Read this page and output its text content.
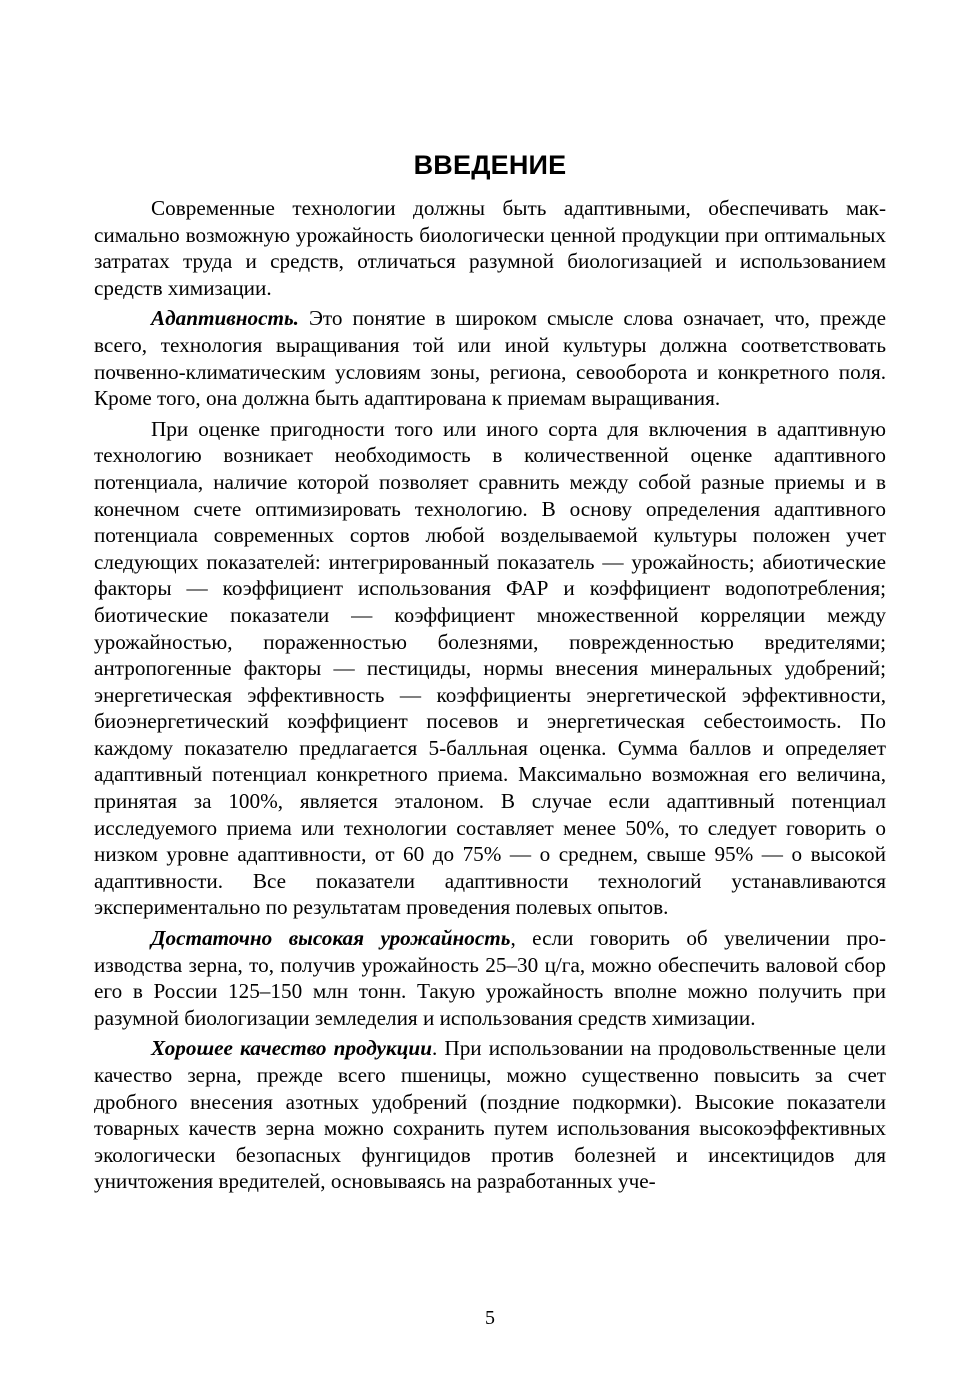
ВВЕДЕНИЕ

Современные технологии должны быть адаптивными, обеспечивать максимально возможную урожайность биологически ценной продукции при оптимальных затратах труда и средств, отличаться разумной биологизацией и использованием средств химизации.

Адаптивность. Это понятие в широком смысле слова означает, что, прежде всего, технология выращивания той или иной культуры должна соответствовать почвенно-климатическим условиям зоны, региона, севооборота и конкретного поля. Кроме того, она должна быть адаптирована к приемам выращивания.

При оценке пригодности того или иного сорта для включения в адаптивную технологию возникает необходимость в количественной оценке адаптивного потенциала, наличие которой позволяет сравнить между собой разные приемы и в конечном счете оптимизировать технологию. В основу определения адаптивного потенциала современных сортов любой возделываемой культуры положен учет следующих показателей: интегрированный показатель — урожайность; абиотические факторы — коэффициент использования ФАР и коэффициент водопотребления; биотические показатели — коэффициент множественной корреляции между урожайностью, пораженностью болезнями, поврежденностью вредителями; антропогенные факторы — пестициды, нормы внесения минеральных удобрений; энергетическая эффективность — коэффициенты энергетической эффективности, биоэнергетический коэффициент посевов и энергетическая себестоимость. По каждому показателю предлагается 5-балльная оценка. Сумма баллов и определяет адаптивный потенциал конкретного приема. Максимально возможная его величина, принятая за 100%, является эталоном. В случае если адаптивный потенциал исследуемого приема или технологии составляет менее 50%, то следует говорить о низком уровне адаптивности, от 60 до 75% — о среднем, свыше 95% — о высокой адаптивности. Все показатели адаптивности технологий устанавливаются экспериментально по результатам проведения полевых опытов.

Достаточно высокая урожайность, если говорить об увеличении производства зерна, то, получив урожайность 25–30 ц/га, можно обеспечить валовой сбор его в России 125–150 млн тонн. Такую урожайность вполне можно получить при разумной биологизации земледелия и использования средств химизации.

Хорошее качество продукции. При использовании на продовольственные цели качество зерна, прежде всего пшеницы, можно существенно повысить за счет дробного внесения азотных удобрений (поздние подкормки). Высокие показатели товарных качеств зерна можно сохранить путем использования высокоэффективных экологически безопасных фунгицидов против болезней и инсектицидов для уничтожения вредителей, основываясь на разработанных уче-

5
